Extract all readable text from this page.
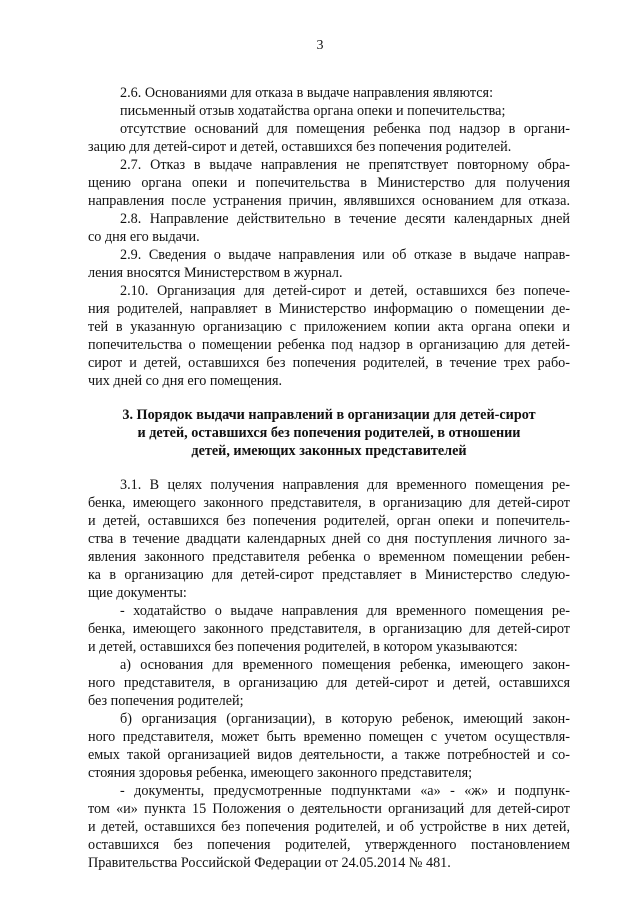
3
2.6. Основаниями для отказа в выдаче направления являются:
письменный отзыв ходатайства органа опеки и попечительства;
отсутствие оснований для помещения ребенка под надзор в органи-
зацию для детей-сирот и детей, оставшихся без попечения родителей.
2.7. Отказ в выдаче направления не препятствует повторному обра-
щению органа опеки и попечительства в Министерство для получения
направления после устранения причин, являвшихся основанием для отказа.
2.8. Направление действительно в течение десяти календарных дней
со дня его выдачи.
2.9. Сведения о выдаче направления или об отказе в выдаче направ-
ления вносятся Министерством в журнал.
2.10. Организация для детей-сирот и детей, оставшихся без попече-
ния родителей, направляет в Министерство информацию о помещении де-
тей в указанную организацию с приложением копии акта органа опеки и
попечительства о помещении ребенка под надзор в организацию для детей-
сирот и детей, оставшихся без попечения родителей, в течение трех рабо-
чих дней со дня его помещения.
3. Порядок выдачи направлений в организации для детей-сирот
и детей, оставшихся без попечения родителей, в отношении
детей, имеющих законных представителей
3.1. В целях получения направления для временного помещения ре-
бенка, имеющего законного представителя, в организацию для детей-сирот
и детей, оставшихся без попечения родителей, орган опеки и попечитель-
ства в течение двадцати календарных дней со дня поступления личного за-
явления законного представителя ребенка о временном помещении ребен-
ка в организацию для детей-сирот представляет в Министерство следую-
щие документы:
- ходатайство о выдаче направления для временного помещения ре-
бенка, имеющего законного представителя, в организацию для детей-сирот
и детей, оставшихся без попечения родителей, в котором указываются:
а) основания для временного помещения ребенка, имеющего закон-
ного представителя, в организацию для детей-сирот и детей, оставшихся
без попечения родителей;
б) организация (организации), в которую ребенок, имеющий закон-
ного представителя, может быть временно помещен с учетом осуществля-
емых такой организацией видов деятельности, а также потребностей и со-
стояния здоровья ребенка, имеющего законного представителя;
- документы, предусмотренные подпунктами «а» - «ж» и подпунк-
том «и» пункта 15 Положения о деятельности организаций для детей-сирот
и детей, оставшихся без попечения родителей, и об устройстве в них детей,
оставшихся без попечения родителей, утвержденного постановлением
Правительства Российской Федерации от 24.05.2014 № 481.
